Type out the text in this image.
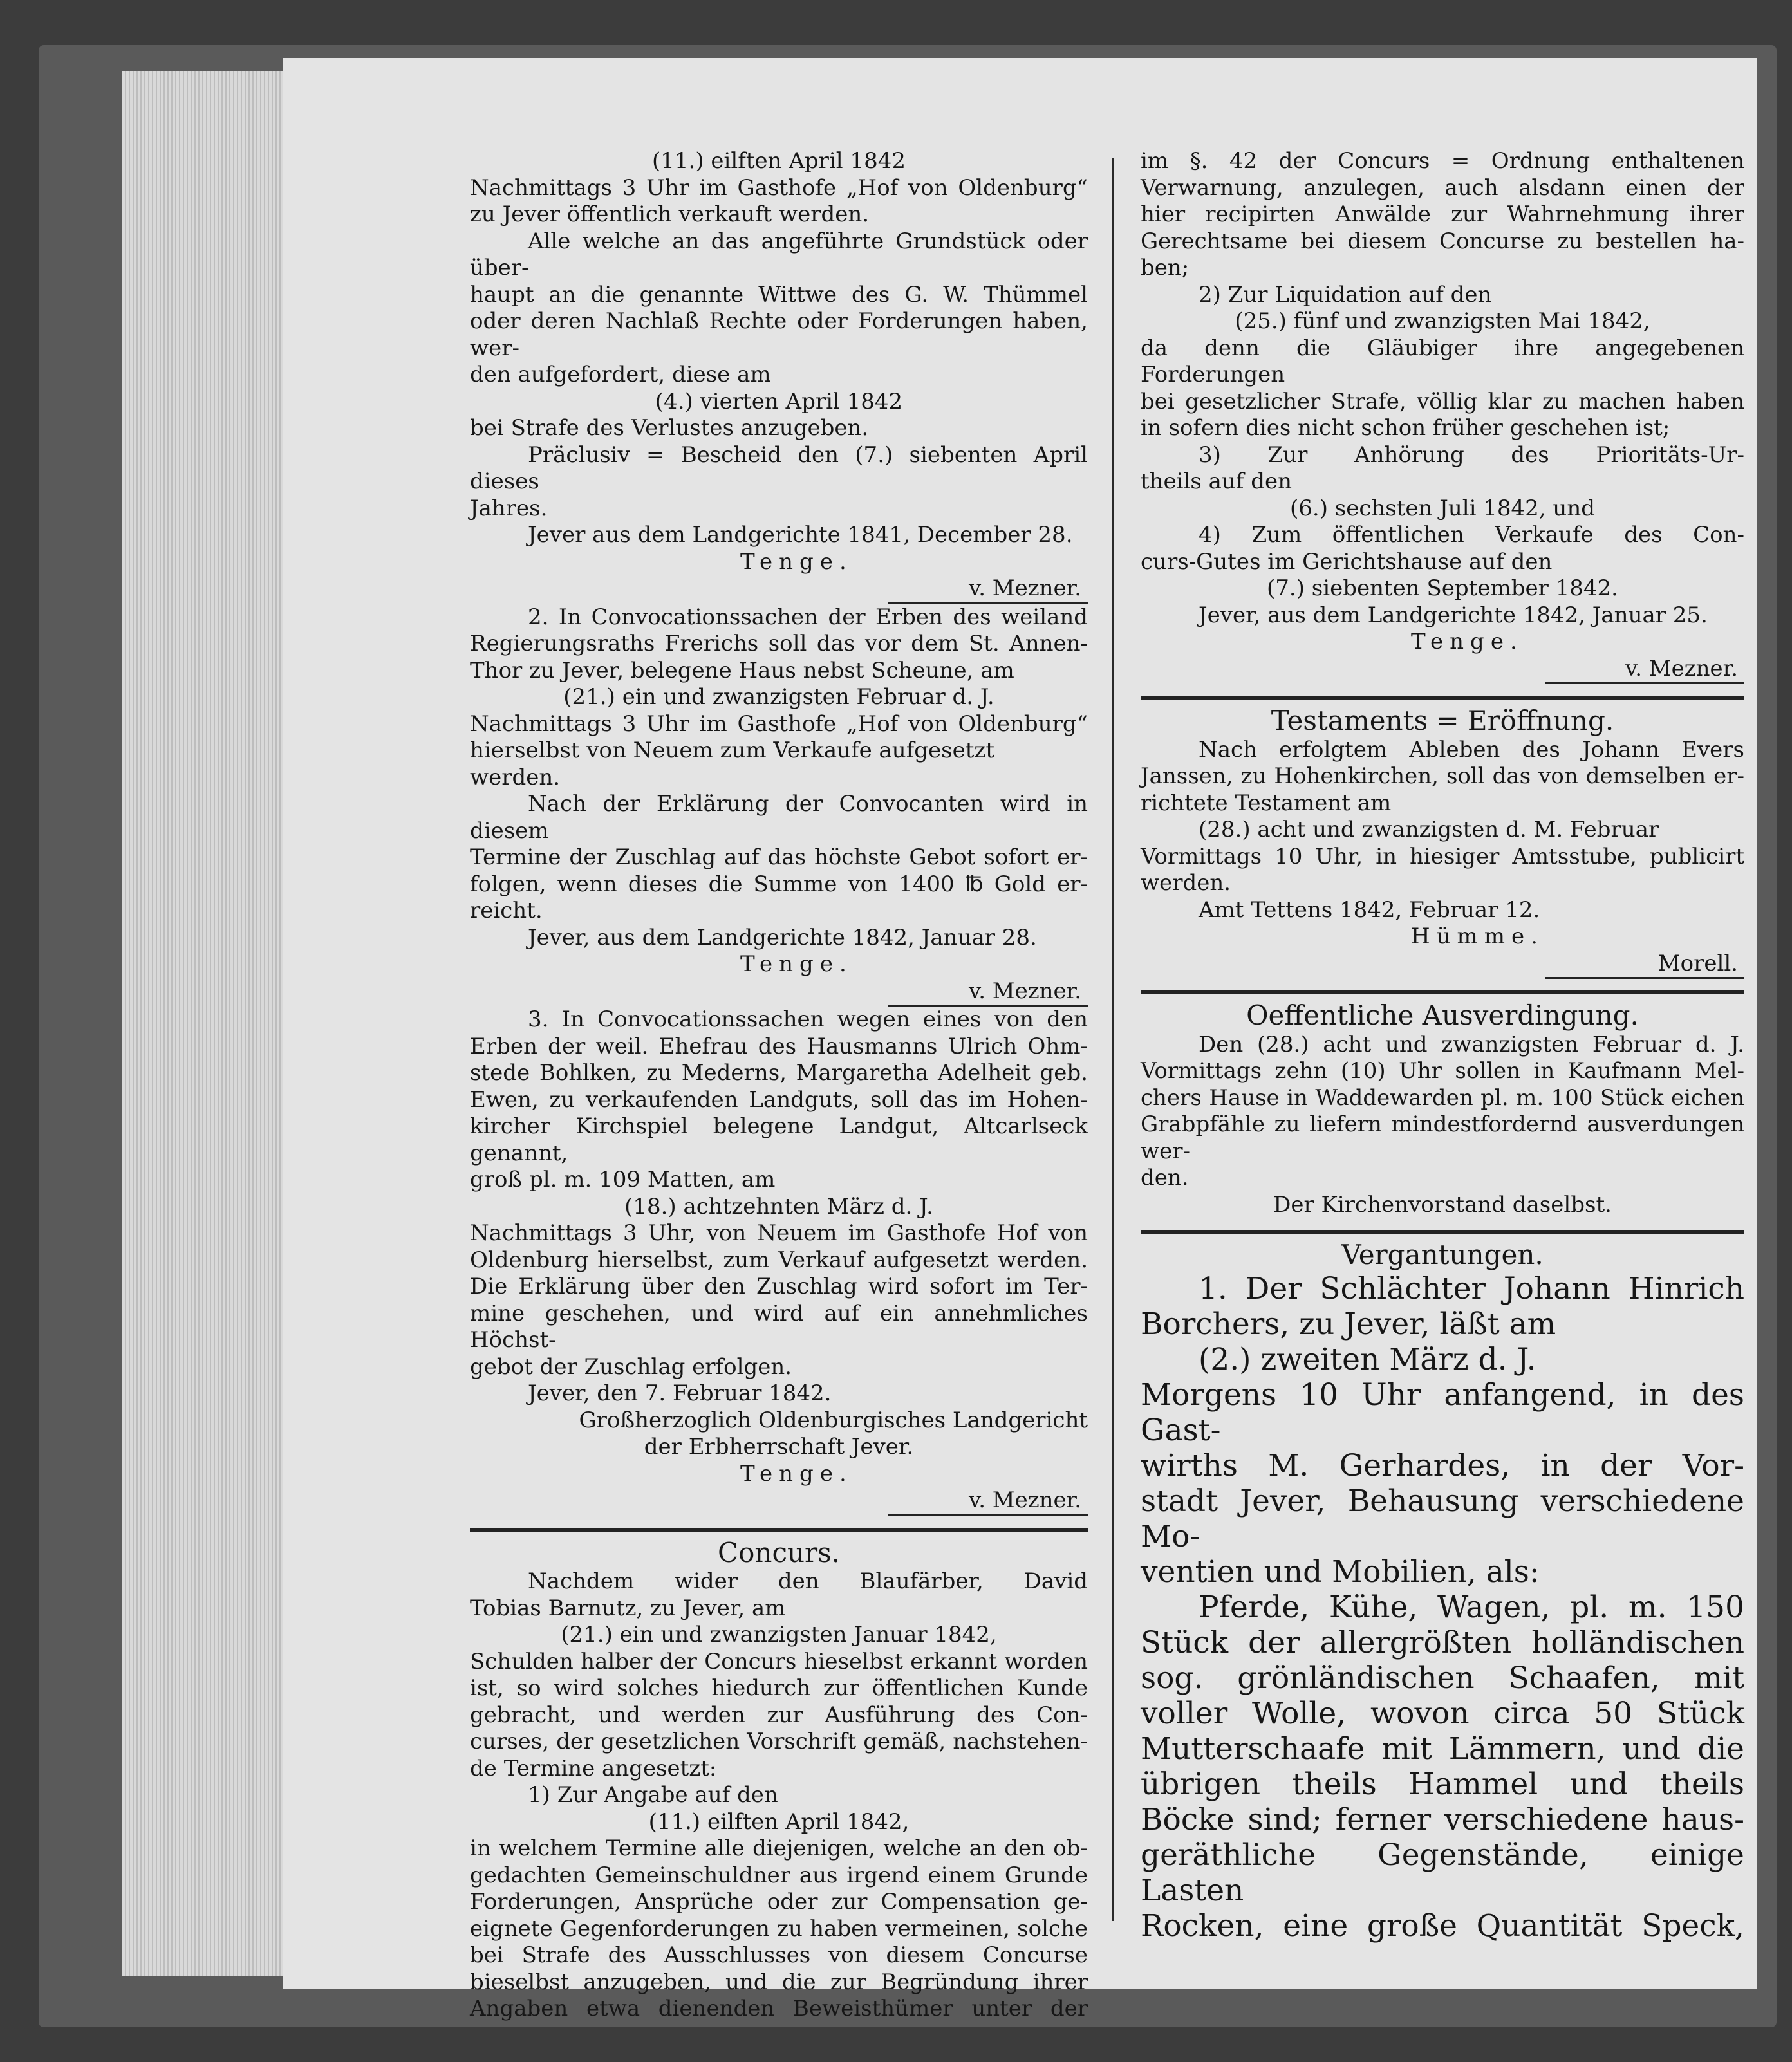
(11.) eilften April 1842

Nachmittags 3 Uhr im Gasthofe „Hof von Oldenburg“

zu Jever öffentlich verkauft werden.

Alle welche an das angeführte Grundstück oder über-

haupt an die genannte Wittwe des G. W. Thümmel

oder deren Nachlaß Rechte oder Forderungen haben, wer-

den aufgefordert, diese am

(4.) vierten April 1842

bei Strafe des Verlustes anzugeben.

Präclusiv = Bescheid den (7.) siebenten April dieses

Jahres.

Jever aus dem Landgerichte 1841, December 28.

Tenge.

v. Mezner.

2. In Convocationssachen der Erben des weiland

Regierungsraths Frerichs soll das vor dem St. Annen-

Thor zu Jever, belegene Haus nebst Scheune, am

(21.) ein und zwanzigsten Februar d. J.

Nachmittags 3 Uhr im Gasthofe „Hof von Oldenburg“

hierselbst von Neuem zum Verkaufe aufgesetzt werden.

Nach der Erklärung der Convocanten wird in diesem

Termine der Zuschlag auf das höchste Gebot sofort er-

folgen, wenn dieses die Summe von 1400 ℔ Gold er-

reicht.

Jever, aus dem Landgerichte 1842, Januar 28.

Tenge.

v. Mezner.

3. In Convocationssachen wegen eines von den

Erben der weil. Ehefrau des Hausmanns Ulrich Ohm-

stede Bohlken, zu Mederns, Margaretha Adelheit geb.

Ewen, zu verkaufenden Landguts, soll das im Hohen-

kircher Kirchspiel belegene Landgut, Altcarlseck genannt,

groß pl. m. 109 Matten, am

(18.) achtzehnten März d. J.

Nachmittags 3 Uhr, von Neuem im Gasthofe Hof von

Oldenburg hierselbst, zum Verkauf aufgesetzt werden.

Die Erklärung über den Zuschlag wird sofort im Ter-

mine geschehen, und wird auf ein annehmliches Höchst-

gebot der Zuschlag erfolgen.

Jever, den 7. Februar 1842.

Großherzoglich Oldenburgisches Landgericht

der Erbherrschaft Jever.

Tenge.

v. Mezner.

Concurs.

Nachdem wider den Blaufärber, David

Tobias Barnutz, zu Jever, am

(21.) ein und zwanzigsten Januar 1842,

Schulden halber der Concurs hieselbst erkannt worden

ist, so wird solches hiedurch zur öffentlichen Kunde

gebracht, und werden zur Ausführung des Con-

curses, der gesetzlichen Vorschrift gemäß, nachstehen-

de Termine angesetzt:

1) Zur Angabe auf den

(11.) eilften April 1842,

in welchem Termine alle diejenigen, welche an den ob-

gedachten Gemeinschuldner aus irgend einem Grunde

Forderungen, Ansprüche oder zur Compensation ge-

eignete Gegenforderungen zu haben vermeinen, solche

bei Strafe des Ausschlusses von diesem Concurse

bieselbst anzugeben, und die zur Begründung ihrer

Angaben etwa dienenden Beweisthümer unter der

im §. 42 der Concurs = Ordnung enthaltenen

Verwarnung, anzulegen, auch alsdann einen der

hier recipirten Anwälde zur Wahrnehmung ihrer

Gerechtsame bei diesem Concurse zu bestellen ha-

ben;

2) Zur Liquidation auf den

(25.) fünf und zwanzigsten Mai 1842,

da denn die Gläubiger ihre angegebenen Forderungen

bei gesetzlicher Strafe, völlig klar zu machen haben

in sofern dies nicht schon früher geschehen ist;

3) Zur Anhörung des Prioritäts-Ur-

theils auf den

(6.) sechsten Juli 1842, und

4) Zum öffentlichen Verkaufe des Con-

curs-Gutes im Gerichtshause auf den

(7.) siebenten September 1842.

Jever, aus dem Landgerichte 1842, Januar 25.

Tenge.

v. Mezner.

Testaments = Eröffnung.

Nach erfolgtem Ableben des Johann Evers

Janssen, zu Hohenkirchen, soll das von demselben er-

richtete Testament am

(28.) acht und zwanzigsten d. M. Februar

Vormittags 10 Uhr, in hiesiger Amtsstube, publicirt

werden.

Amt Tettens 1842, Februar 12.

Hümme.

Morell.

Oeffentliche Ausverdingung.

Den (28.) acht und zwanzigsten Februar d. J.

Vormittags zehn (10) Uhr sollen in Kaufmann Mel-

chers Hause in Waddewarden pl. m. 100 Stück eichen

Grabpfähle zu liefern mindestfordernd ausverdungen wer-

den.

Der Kirchenvorstand daselbst.

Vergantungen.

1. Der Schlächter Johann Hinrich

Borchers, zu Jever, läßt am

(2.) zweiten März d. J.

Morgens 10 Uhr anfangend, in des Gast-

wirths M. Gerhardes, in der Vor-

stadt Jever, Behausung verschiedene Mo-

ventien und Mobilien, als:

Pferde, Kühe, Wagen, pl. m. 150

Stück der allergrößten holländischen

sog. grönländischen Schaafen, mit

voller Wolle, wovon circa 50 Stück

Mutterschaafe mit Lämmern, und die

übrigen theils Hammel und theils

Böcke sind; ferner verschiedene haus-

geräthliche Gegenstände, einige Lasten

Rocken, eine große Quantität Speck,
